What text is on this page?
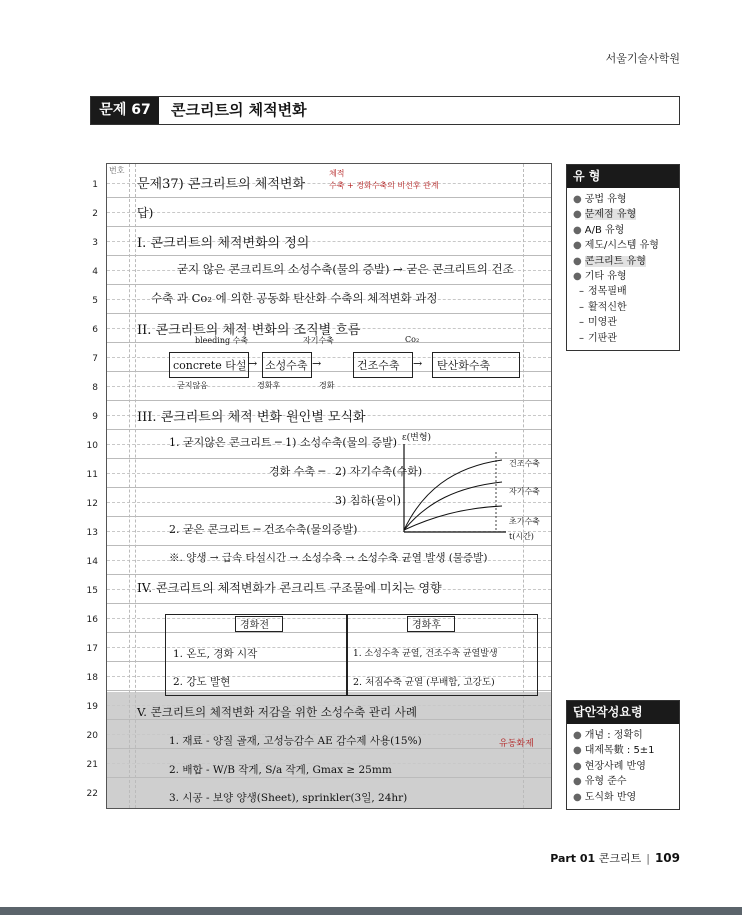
서울기술사학원
문제 67	콘크리트의 체적변화
1
2
3
4
5
6
7
8
9
10
11
12
13
14
15
16
17
18
19
20
21
22
번호
문제37) 콘크리트의 체적변화
체적
수축 + 경화수축의 비선후 관계
답)
I. 콘크리트의 체적변화의 정의
굳지 않은 콘크리트의 소성수축(물의 증발) → 굳은 콘크리트의 건조
수축 과 Co₂ 에 의한 공동화 탄산화 수축의 체적변화 과정
II. 콘크리트의 체적 변화의 조직별 흐름
bleeding 수축	자기수축	Co₂
concrete 타설 → 소성수축 →	건조수축 → 탄산화수축
굳지않음	경화후	경화
III. 콘크리트의 체적 변화 원인별 모식화
1. 굳지않은 콘크리트 ─ 1) 소성수축(물의 증발) ε(변형)
경화 수축 ─ 2) 자기수축(수화)
3) 침하(물이)
2. 굳은 콘크리트 ─ 건조수축(물의증발)
t(시간)
건조수축
자기수축
초기수축
※. 양생 → 급속 타설시간 → 소성수축 → 소성수축 균열 발생 (물증발)
IV. 콘크리트의 체적변화가 콘크리트 구조물에 미치는 영향
경화전	경화후
1. 온도, 경화 시작	1. 소성수축 균열, 건조수축 균열발생
2. 강도 발현	2. 처짐수축 균열 (부배합, 고강도)
V. 콘크리트의 체적변화 저감을 위한 소성수축 관리 사례
1. 재료 - 양질 골재, 고성능감수 AE 감수제 사용(15%)	유동화제
2. 배합 - W/B 작게, S/a 작게, Gmax ≥ 25mm
3. 시공 - 보양 양생(Sheet), sprinkler(3일, 24hr)
유 형
● 공법 유형
● 문제점 유형
● A/B 유형
● 제도/시스템 유형
● 콘크리트 유형
● 기타 유형
– 정목필배
– 활적신한
– 미영관
– 기판관
답안작성요령
● 개념 : 정확히
● 대제목數 : 5±1
● 현장사례 반영
● 유형 준수
● 도식화 반영
Part 01 콘크리트 | 109
